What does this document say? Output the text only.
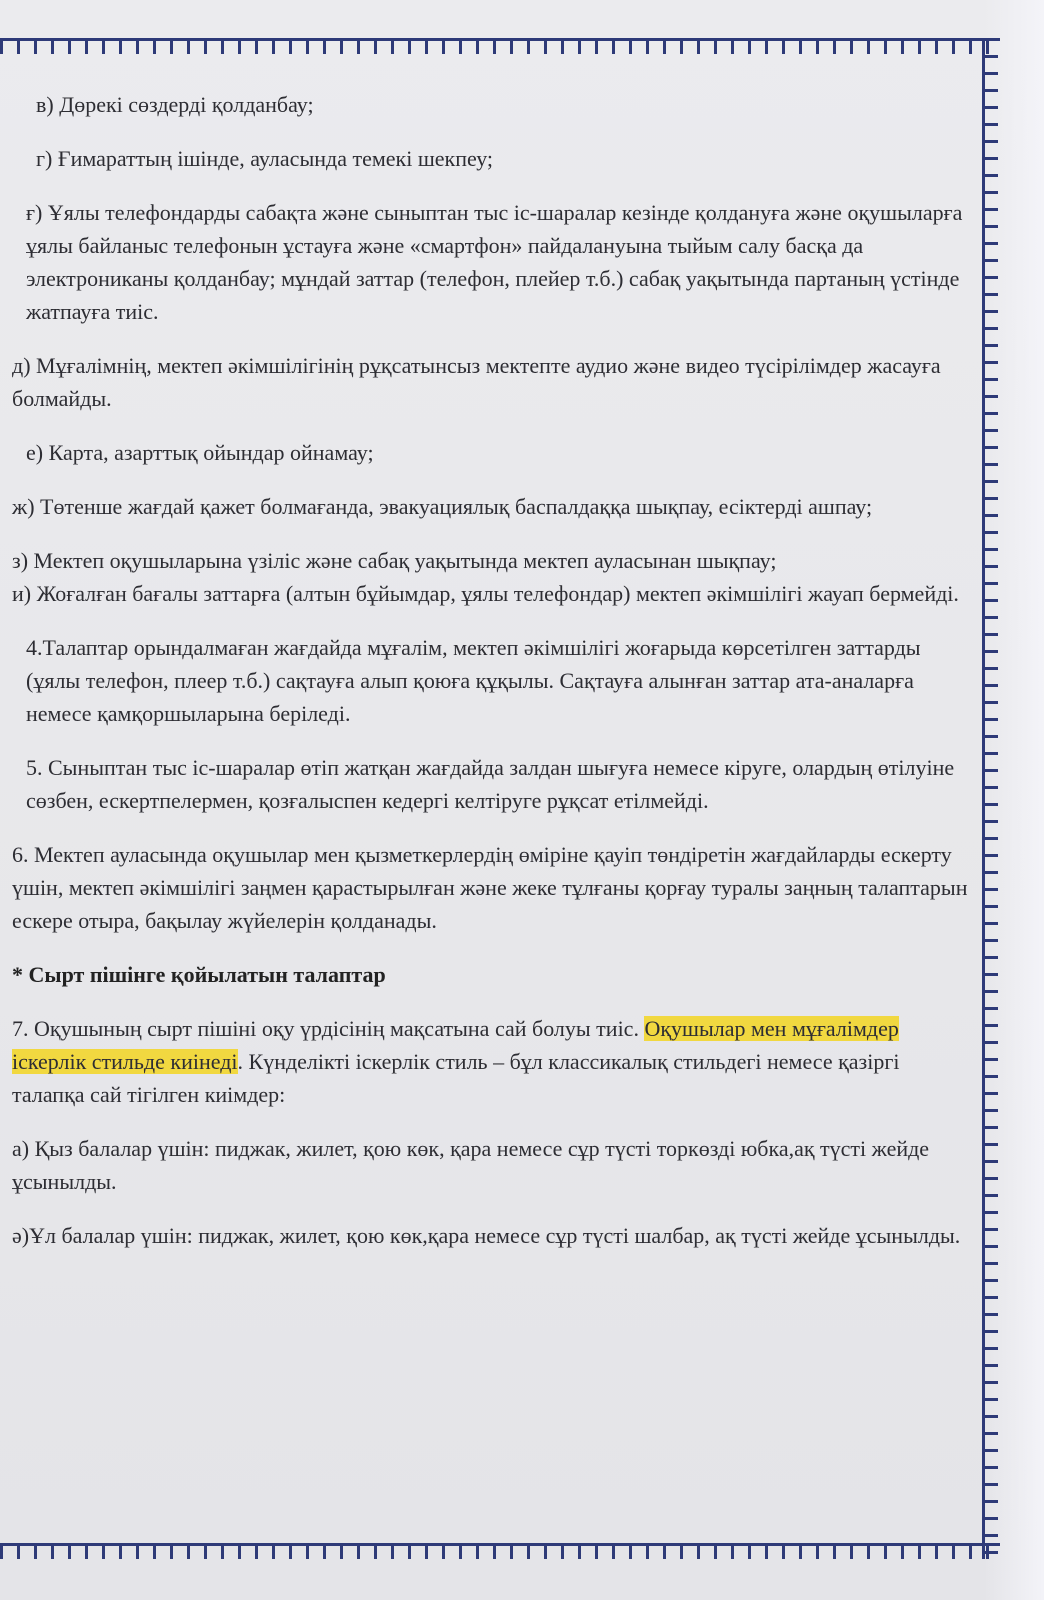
в) Дөрекі сөздерді қолданбау;

г) Ғимараттың ішінде, ауласында темекі шекпеу;

ғ) Ұялы телефондарды сабақта және сыныптан тыс іс-шаралар кезінде қолдануға және оқушыларға ұялы байланыс телефонын ұстауға және «смартфон» пайдалануына тыйым салу басқа да электрониканы қолданбау; мұндай заттар (телефон, плейер т.б.) сабақ уақытында партаның үстінде жатпауға тиіс.

д) Мұғалімнің, мектеп әкімшілігінің рұқсатынсыз мектепте аудио және видео түсірілімдер жасауға болмайды.

е) Карта, азарттық ойындар ойнамау;

ж) Төтенше жағдай қажет болмағанда, эвакуациялық баспалдаққа шықпау, есіктерді ашпау;

з) Мектеп оқушыларына үзіліс және сабақ уақытында мектеп ауласынан шықпау;

и) Жоғалған бағалы заттарға (алтын бұйымдар, ұялы телефондар) мектеп әкімшілігі жауап бермейді.

4.Талаптар орындалмаған жағдайда мұғалім, мектеп әкімшілігі жоғарыда көрсетілген заттарды (ұялы телефон, плеер т.б.) сақтауға алып қоюға құқылы. Сақтауға алынған заттар ата-аналарға немесе қамқоршыларына беріледі.

5. Сыныптан тыс іс-шаралар өтіп жатқан жағдайда залдан шығуға немесе кіруге, олардың өтілуіне сөзбен, ескертпелермен, қозғалыспен кедергі келтіруге рұқсат етілмейді.

6. Мектеп ауласында оқушылар мен қызметкерлердің өміріне қауіп төндіретін жағдайларды ескерту үшін, мектеп әкімшілігі заңмен қарастырылған және жеке тұлғаны қорғау туралы заңның талаптарын ескере отыра, бақылау жүйелерін қолданады.

* Сырт пішінге қойылатын талаптар

7. Оқушының сырт пішіні оқу үрдісінің мақсатына сай болуы тиіс. Оқушылар мен мұғалімдер іскерлік стильде киінеді. Күнделікті іскерлік стиль – бұл классикалық стильдегі немесе қазіргі талапқа сай тігілген киімдер:

а) Қыз балалар үшін: пиджак, жилет, қою көк, қара немесе сұр түсті торкөзді юбка,ақ түсті жейде ұсынылды.

ә)Ұл балалар үшін: пиджак, жилет, қою көк,қара немесе сұр түсті шалбар, ақ түсті жейде ұсынылды.
